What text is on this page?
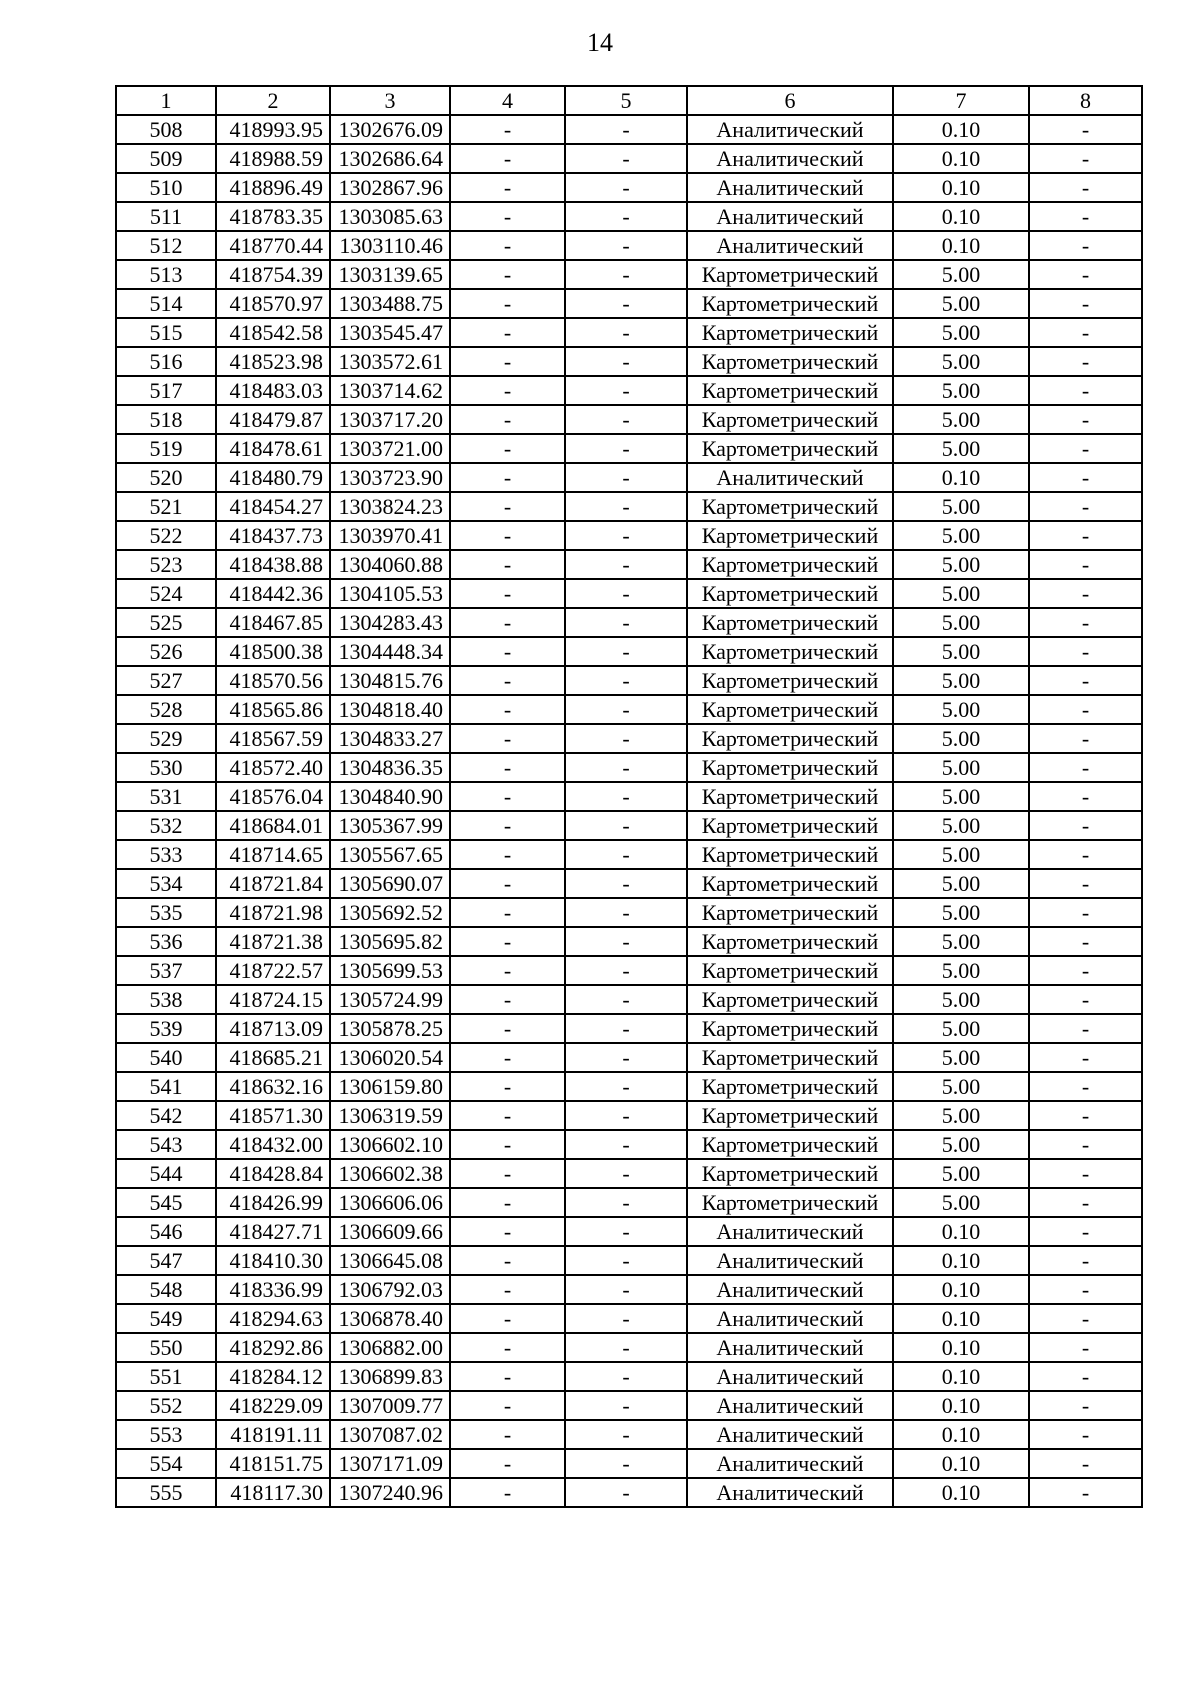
14
1	2	3	4	5	6	7	8
508	418993.95	1302676.09	-	-	Аналитический	0.10	-
509	418988.59	1302686.64	-	-	Аналитический	0.10	-
510	418896.49	1302867.96	-	-	Аналитический	0.10	-
511	418783.35	1303085.63	-	-	Аналитический	0.10	-
512	418770.44	1303110.46	-	-	Аналитический	0.10	-
513	418754.39	1303139.65	-	-	Картометрический	5.00	-
514	418570.97	1303488.75	-	-	Картометрический	5.00	-
515	418542.58	1303545.47	-	-	Картометрический	5.00	-
516	418523.98	1303572.61	-	-	Картометрический	5.00	-
517	418483.03	1303714.62	-	-	Картометрический	5.00	-
518	418479.87	1303717.20	-	-	Картометрический	5.00	-
519	418478.61	1303721.00	-	-	Картометрический	5.00	-
520	418480.79	1303723.90	-	-	Аналитический	0.10	-
521	418454.27	1303824.23	-	-	Картометрический	5.00	-
522	418437.73	1303970.41	-	-	Картометрический	5.00	-
523	418438.88	1304060.88	-	-	Картометрический	5.00	-
524	418442.36	1304105.53	-	-	Картометрический	5.00	-
525	418467.85	1304283.43	-	-	Картометрический	5.00	-
526	418500.38	1304448.34	-	-	Картометрический	5.00	-
527	418570.56	1304815.76	-	-	Картометрический	5.00	-
528	418565.86	1304818.40	-	-	Картометрический	5.00	-
529	418567.59	1304833.27	-	-	Картометрический	5.00	-
530	418572.40	1304836.35	-	-	Картометрический	5.00	-
531	418576.04	1304840.90	-	-	Картометрический	5.00	-
532	418684.01	1305367.99	-	-	Картометрический	5.00	-
533	418714.65	1305567.65	-	-	Картометрический	5.00	-
534	418721.84	1305690.07	-	-	Картометрический	5.00	-
535	418721.98	1305692.52	-	-	Картометрический	5.00	-
536	418721.38	1305695.82	-	-	Картометрический	5.00	-
537	418722.57	1305699.53	-	-	Картометрический	5.00	-
538	418724.15	1305724.99	-	-	Картометрический	5.00	-
539	418713.09	1305878.25	-	-	Картометрический	5.00	-
540	418685.21	1306020.54	-	-	Картометрический	5.00	-
541	418632.16	1306159.80	-	-	Картометрический	5.00	-
542	418571.30	1306319.59	-	-	Картометрический	5.00	-
543	418432.00	1306602.10	-	-	Картометрический	5.00	-
544	418428.84	1306602.38	-	-	Картометрический	5.00	-
545	418426.99	1306606.06	-	-	Картометрический	5.00	-
546	418427.71	1306609.66	-	-	Аналитический	0.10	-
547	418410.30	1306645.08	-	-	Аналитический	0.10	-
548	418336.99	1306792.03	-	-	Аналитический	0.10	-
549	418294.63	1306878.40	-	-	Аналитический	0.10	-
550	418292.86	1306882.00	-	-	Аналитический	0.10	-
551	418284.12	1306899.83	-	-	Аналитический	0.10	-
552	418229.09	1307009.77	-	-	Аналитический	0.10	-
553	418191.11	1307087.02	-	-	Аналитический	0.10	-
554	418151.75	1307171.09	-	-	Аналитический	0.10	-
555	418117.30	1307240.96	-	-	Аналитический	0.10	-
